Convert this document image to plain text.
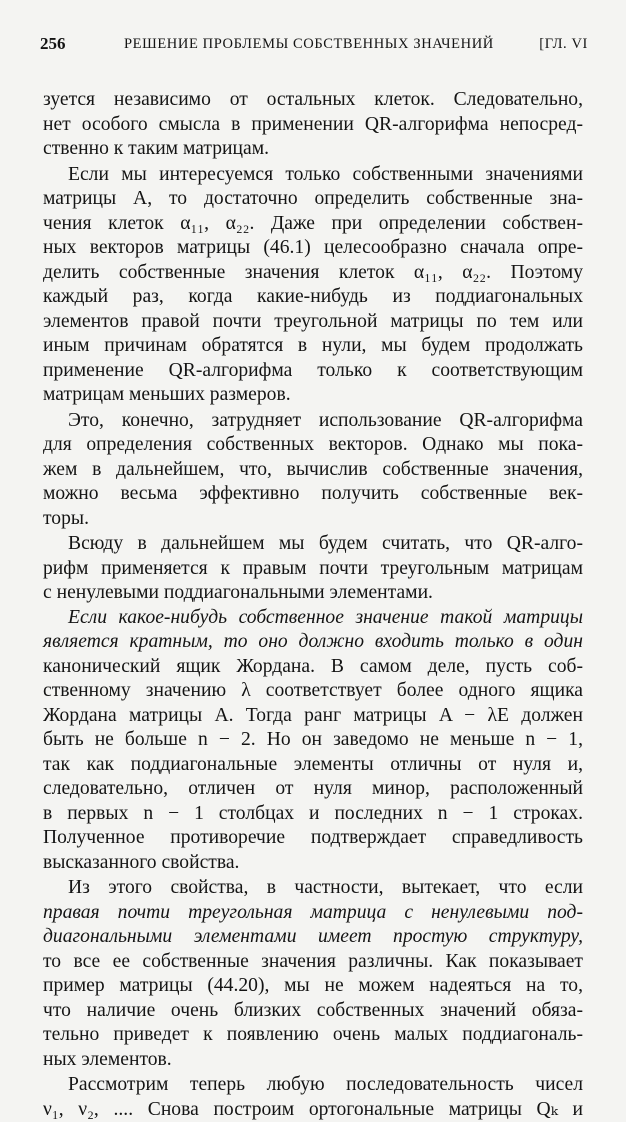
256	РЕШЕНИЕ ПРОБЛЕМЫ СОБСТВЕННЫХ ЗНАЧЕНИЙ	[ГЛ. VI
зуется независимо от остальных клеток. Следовательно,
нет особого смысла в применении QR-алгорифма непосред-
ственно к таким матрицам.
Если мы интересуемся только собственными значениями
матрицы A, то достаточно определить собственные зна-
чения клеток α₁₁, α₂₂. Даже при определении собствен-
ных векторов матрицы (46.1) целесообразно сначала опре-
делить собственные значения клеток α₁₁, α₂₂. Поэтому
каждый раз, когда какие-нибудь из поддиагональных
элементов правой почти треугольной матрицы по тем или
иным причинам обратятся в нули, мы будем продолжать
применение QR-алгорифма только к соответствующим
матрицам меньших размеров.
Это, конечно, затрудняет использование QR-алгорифма
для определения собственных векторов. Однако мы пока-
жем в дальнейшем, что, вычислив собственные значения,
можно весьма эффективно получить собственные век-
торы.
Всюду в дальнейшем мы будем считать, что QR-алго-
рифм применяется к правым почти треугольным матрицам
с ненулевыми поддиагональными элементами.
Если какое-нибудь собственное значение такой матрицы
является кратным, то оно должно входить только в один
канонический ящик Жордана. В самом деле, пусть соб-
ственному значению λ соответствует более одного ящика
Жордана матрицы A. Тогда ранг матрицы A − λE должен
быть не больше n − 2. Но он заведомо не меньше n − 1,
так как поддиагональные элементы отличны от нуля и,
следовательно, отличен от нуля минор, расположенный
в первых n − 1 столбцах и последних n − 1 строках.
Полученное противоречие подтверждает справедливость
высказанного свойства.
Из этого свойства, в частности, вытекает, что если
правая почти треугольная матрица с ненулевыми под-
диагональными элементами имеет простую структуру,
то все ее собственные значения различны. Как показывает
пример матрицы (44.20), мы не можем надеяться на то,
что наличие очень близких собственных значений обяза-
тельно приведет к появлению очень малых поддиагональ-
ных элементов.
Рассмотрим теперь любую последовательность чисел
ν₁, ν₂, .... Снова построим ортогональные матрицы Qₖ и
